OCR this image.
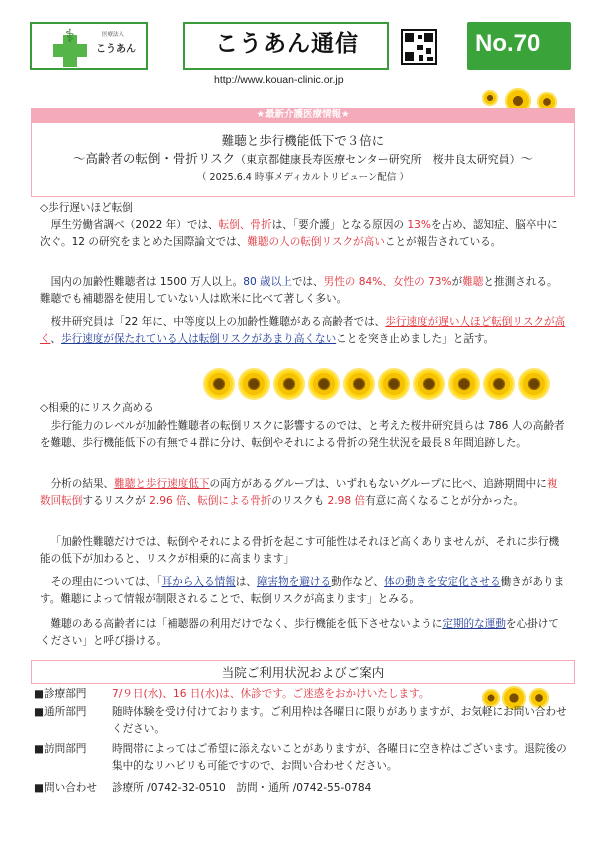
⚕	医療法人
こうあん	こうあん通信	No.70
http://www.kouan-clinic.or.jp
★最新介護医療情報★
難聴と歩行機能低下で３倍に
～高齢者の転倒・骨折リスク（東京都健康長寿医療センター研究所　桜井良太研究員）～
（ 2025.6.4 時事メディカルトリビューン配信 ）
◇歩行遅いほど転倒
厚生労働省調べ（2022 年）では、転倒、骨折は、「要介護」となる原因の 13%を占め、認知症、脳卒中に次ぐ。12 の研究をまとめた国際論文では、難聴の人の転倒リスクが高いことが報告されている。
国内の加齢性難聴者は 1500 万人以上。80 歳以上では、男性の 84%、女性の 73%が難聴と推測される。難聴でも補聴器を使用していない人は欧米に比べて著しく多い。
桜井研究員は「22 年に、中等度以上の加齢性難聴がある高齢者では、歩行速度が遅い人ほど転倒リスクが高く、歩行速度が保たれている人は転倒リスクがあまり高くないことを突き止めました」と話す。
◇相乗的にリスク高める
歩行能力のレベルが加齢性難聴者の転倒リスクに影響するのでは、と考えた桜井研究員らは 786 人の高齢者を難聴、歩行機能低下の有無で４群に分け、転倒やそれによる骨折の発生状況を最長８年間追跡した。
分析の結果、難聴と歩行速度低下の両方があるグループは、いずれもないグループに比べ、追跡期間中に複数回転倒するリスクが 2.96 倍、転倒による骨折のリスクも 2.98 倍有意に高くなることが分かった。
「加齢性難聴だけでは、転倒やそれによる骨折を起こす可能性はそれほど高くありませんが、それに歩行機能の低下が加わると、リスクが相乗的に高まります」
その理由については、「耳から入る情報は、障害物を避ける動作など、体の動きを安定化させる働きがあります。難聴によって情報が制限されることで、転倒リスクが高まります」とみる。
難聴のある高齢者には「補聴器の利用だけでなく、歩行機能を低下させないように定期的な運動を心掛けてください」と呼び掛ける。
当院ご利用状況およびご案内
■診療部門	7/９日(水)、16 日(水)は、休診です。ご迷惑をおかけいたします。
■通所部門	随時体験を受け付けております。ご利用枠は各曜日に限りがありますが、お気軽にお問い合わせください。
■訪問部門	時間帯によってはご希望に添えないことがありますが、各曜日に空き枠はございます。退院後の集中的なリハビリも可能ですので、お問い合わせください。
■問い合わせ	診療所 /0742-32-0510　訪問・通所 /0742-55-0784
